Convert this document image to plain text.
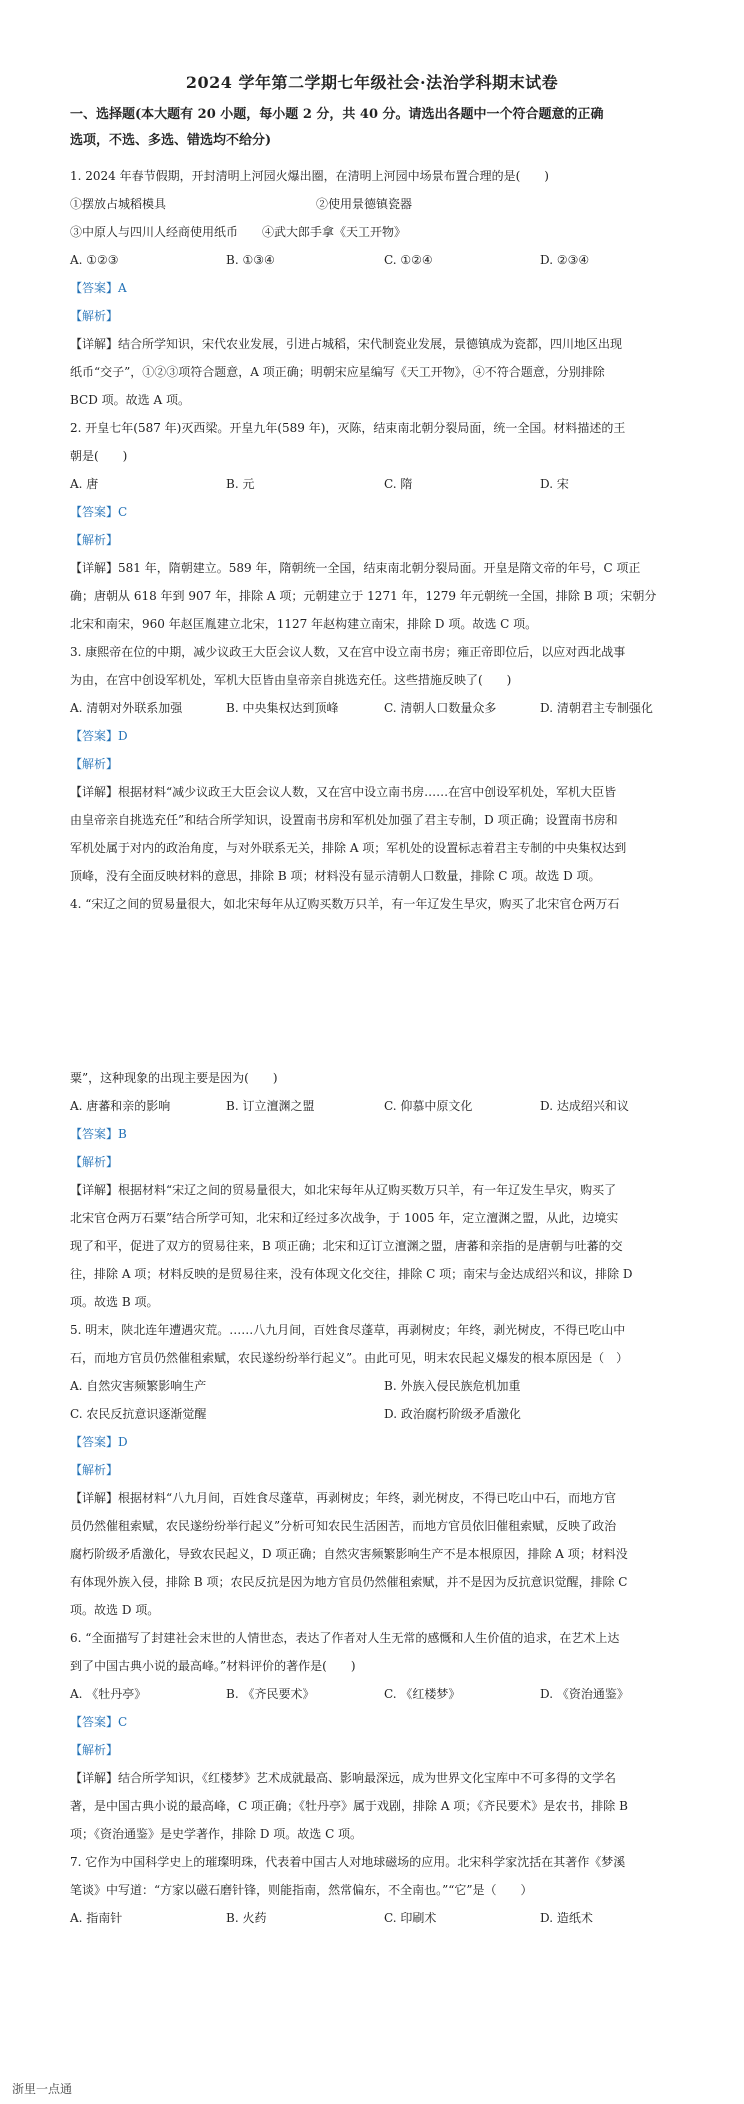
2024 学年第二学期七年级社会·法治学科期末试卷
一、选择题(本大题有 20 小题，每小题 2 分，共 40 分。请选出各题中一个符合题意的正确
选项，不选、多选、错选均不给分)
1. 2024 年春节假期，开封清明上河园火爆出圈，在清明上河园中场景布置合理的是(　　)
①摆放占城稻模具	②使用景德镇瓷器
③中原人与四川人经商使用纸币 ④武大郎手拿《天工开物》
A. ①②③	B. ①③④	C. ①②④	D. ②③④
【答案】A
【解析】
【详解】结合所学知识，宋代农业发展，引进占城稻，宋代制瓷业发展，景德镇成为瓷都，四川地区出现
纸币“交子”，①②③项符合题意，A 项正确；明朝宋应星编写《天工开物》，④不符合题意，分别排除
BCD 项。故选 A 项。
2. 开皇七年(587 年)灭西梁。开皇九年(589 年)，灭陈，结束南北朝分裂局面，统一全国。材料描述的王
朝是(　　)
A. 唐	B. 元	C. 隋	D. 宋
【答案】C
【解析】
【详解】581 年，隋朝建立。589 年，隋朝统一全国，结束南北朝分裂局面。开皇是隋文帝的年号，C 项正
确；唐朝从 618 年到 907 年，排除 A 项；元朝建立于 1271 年，1279 年元朝统一全国，排除 B 项；宋朝分
北宋和南宋，960 年赵匡胤建立北宋，1127 年赵构建立南宋，排除 D 项。故选 C 项。
3. 康熙帝在位的中期，减少议政王大臣会议人数，又在宫中设立南书房；雍正帝即位后，以应对西北战事
为由，在宫中创设军机处，军机大臣皆由皇帝亲自挑选充任。这些措施反映了(　　)
A. 清朝对外联系加强	B. 中央集权达到顶峰	C. 清朝人口数量众多	D. 清朝君主专制强化
【答案】D
【解析】
【详解】根据材料“减少议政王大臣会议人数，又在宫中设立南书房……在宫中创设军机处，军机大臣皆
由皇帝亲自挑选充任”和结合所学知识，设置南书房和军机处加强了君主专制，D 项正确；设置南书房和
军机处属于对内的政治角度，与对外联系无关，排除 A 项；军机处的设置标志着君主专制的中央集权达到
顶峰，没有全面反映材料的意思，排除 B 项；材料没有显示清朝人口数量，排除 C 项。故选 D 项。
4. “宋辽之间的贸易量很大，如北宋每年从辽购买数万只羊，有一年辽发生旱灾，购买了北宋官仓两万石
粟”，这种现象的出现主要是因为(　　)
A. 唐蕃和亲的影响	B. 订立澶渊之盟	C. 仰慕中原文化	D. 达成绍兴和议
【答案】B
【解析】
【详解】根据材料“宋辽之间的贸易量很大，如北宋每年从辽购买数万只羊，有一年辽发生旱灾，购买了
北宋官仓两万石粟”结合所学可知，北宋和辽经过多次战争，于 1005 年，定立澶渊之盟，从此，边境实
现了和平，促进了双方的贸易往来，B 项正确；北宋和辽订立澶渊之盟，唐蕃和亲指的是唐朝与吐蕃的交
往，排除 A 项；材料反映的是贸易往来，没有体现文化交往，排除 C 项；南宋与金达成绍兴和议，排除 D
项。故选 B 项。
5. 明末，陕北连年遭遇灾荒。……八九月间，百姓食尽蓬草，再剥树皮；年终，剥光树皮，不得已吃山中
石，而地方官员仍然催租索赋，农民遂纷纷举行起义”。由此可见，明末农民起义爆发的根本原因是（　）
A. 自然灾害频繁影响生产	B. 外族入侵民族危机加重
C. 农民反抗意识逐渐觉醒	D. 政治腐朽阶级矛盾激化
【答案】D
【解析】
【详解】根据材料“八九月间，百姓食尽蓬草，再剥树皮；年终，剥光树皮，不得已吃山中石，而地方官
员仍然催租索赋，农民遂纷纷举行起义”分析可知农民生活困苦，而地方官员依旧催租索赋，反映了政治
腐朽阶级矛盾激化，导致农民起义，D 项正确；自然灾害频繁影响生产不是本根原因，排除 A 项；材料没
有体现外族入侵，排除 B 项；农民反抗是因为地方官员仍然催租索赋，并不是因为反抗意识觉醒，排除 C
项。故选 D 项。
6. “全面描写了封建社会末世的人情世态，表达了作者对人生无常的感慨和人生价值的追求，在艺术上达
到了中国古典小说的最高峰。”材料评价的著作是(　　)
A. 《牡丹亭》	B. 《齐民要术》	C. 《红楼梦》	D. 《资治通鉴》
【答案】C
【解析】
【详解】结合所学知识，《红楼梦》艺术成就最高、影响最深远，成为世界文化宝库中不可多得的文学名
著，是中国古典小说的最高峰，C 项正确；《牡丹亭》属于戏剧，排除 A 项；《齐民要术》是农书，排除 B
项；《资治通鉴》是史学著作，排除 D 项。故选 C 项。
7. 它作为中国科学史上的璀璨明珠，代表着中国古人对地球磁场的应用。北宋科学家沈括在其著作《梦溪
笔谈》中写道：“方家以磁石磨针锋，则能指南，然常偏东，不全南也。”“它”是（　　）
A. 指南针	B. 火药	C. 印刷术	D. 造纸术
浙里一点通
